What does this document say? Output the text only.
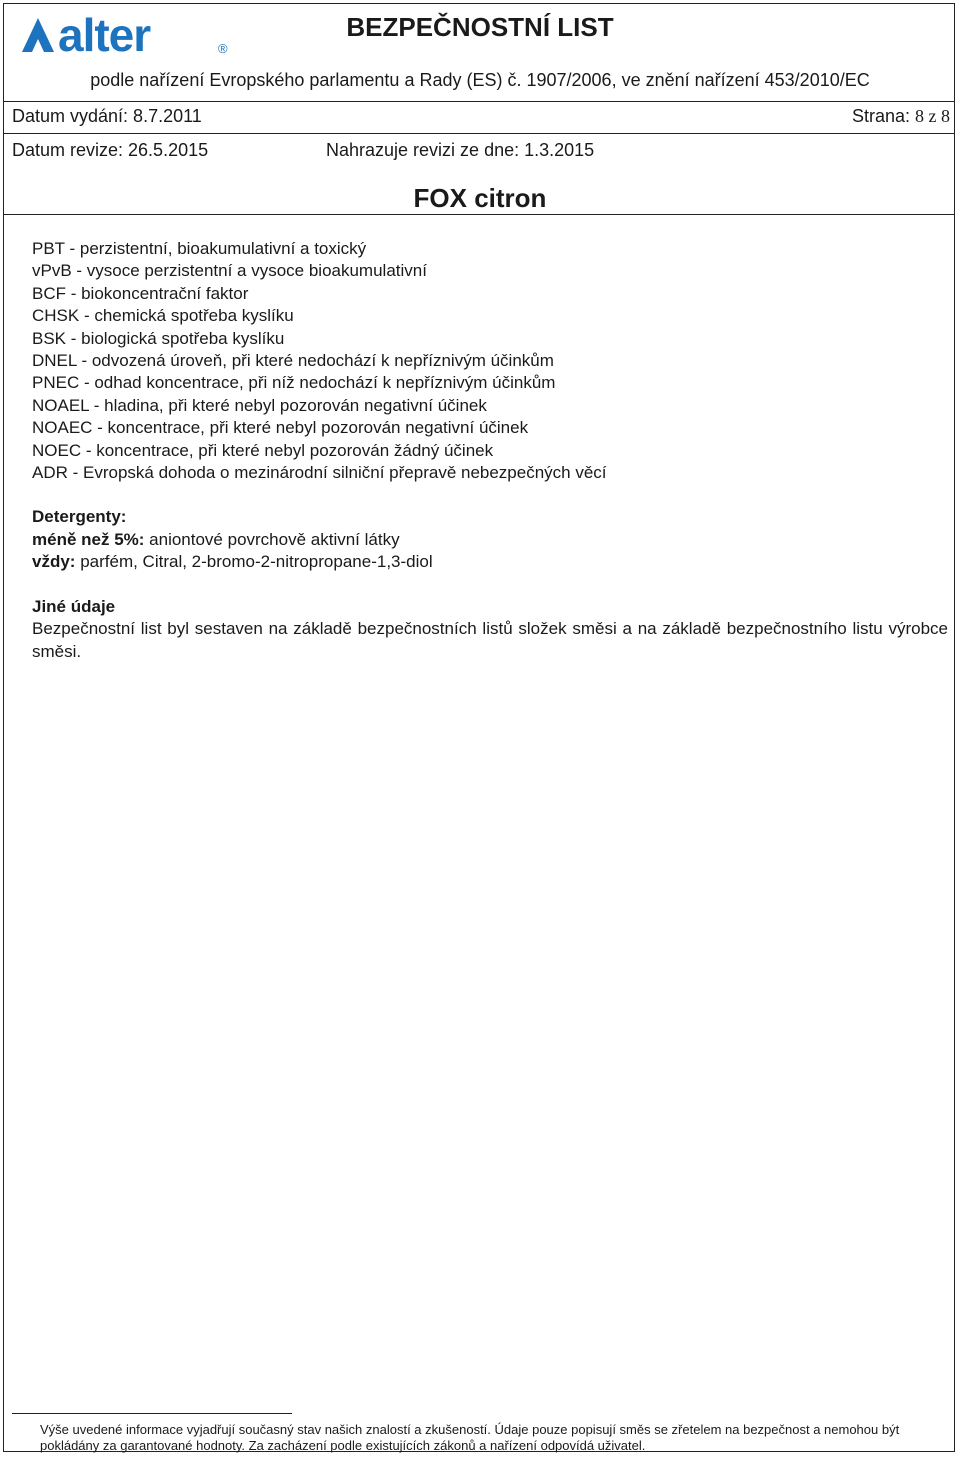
alter	®
BEZPEČNOSTNÍ LIST
podle nařízení Evropského parlamentu a Rady (ES) č. 1907/2006, ve znění nařízení 453/2010/EC
Datum vydání: 8.7.2011	Strana: 8 z 8
Datum revize: 26.5.2015	Nahrazuje revizi ze dne: 1.3.2015
FOX citron
PBT - perzistentní, bioakumulativní a toxický
vPvB - vysoce perzistentní a vysoce bioakumulativní
BCF - biokoncentrační faktor
CHSK - chemická spotřeba kyslíku
BSK - biologická spotřeba kyslíku
DNEL - odvozená úroveň, při které nedochází k nepříznivým účinkům
PNEC - odhad koncentrace, při níž nedochází k nepříznivým účinkům
NOAEL - hladina, při které nebyl pozorován negativní účinek
NOAEC - koncentrace, při které nebyl pozorován negativní účinek
NOEC - koncentrace, při které nebyl pozorován žádný účinek
ADR - Evropská dohoda o mezinárodní silniční přepravě nebezpečných věcí

Detergenty:

méně než 5%: aniontové povrchově aktivní látky

vždy: parfém, Citral, 2-bromo-2-nitropropane-1,3-diol

Jiné údaje

Bezpečnostní list byl sestaven na základě bezpečnostních listů složek směsi a na základě bezpečnostního listu výrobce směsi.

Výše uvedené informace vyjadřují současný stav našich znalostí a zkušeností. Údaje pouze popisují směs se zřetelem na bezpečnost a nemohou být pokládány za garantované hodnoty. Za zacházení podle existujících zákonů a nařízení odpovídá uživatel.
